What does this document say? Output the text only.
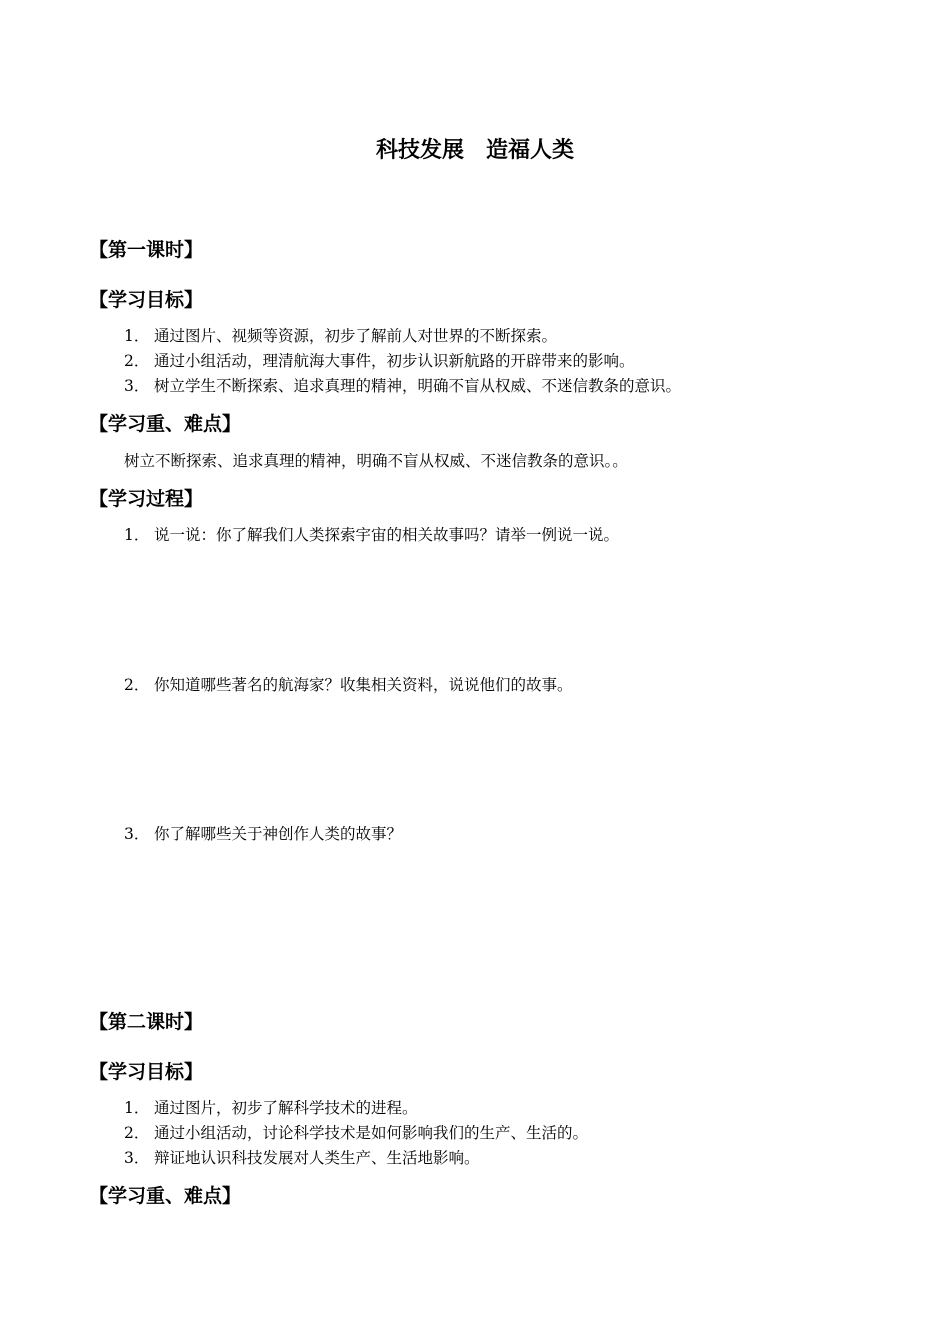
科技发展　造福人类
【第一课时】
【学习目标】
1． 通过图片、视频等资源，初步了解前人对世界的不断探索。
2． 通过小组活动，理清航海大事件，初步认识新航路的开辟带来的影响。
3． 树立学生不断探索、追求真理的精神，明确不盲从权威、不迷信教条的意识。
【学习重、难点】
树立不断探索、追求真理的精神，明确不盲从权威、不迷信教条的意识。。
【学习过程】
1． 说一说：你了解我们人类探索宇宙的相关故事吗？请举一例说一说。
2． 你知道哪些著名的航海家？收集相关资料，说说他们的故事。
3． 你了解哪些关于神创作人类的故事？
【第二课时】
【学习目标】
1． 通过图片，初步了解科学技术的进程。
2． 通过小组活动，讨论科学技术是如何影响我们的生产、生活的。
3． 辩证地认识科技发展对人类生产、生活地影响。
【学习重、难点】
